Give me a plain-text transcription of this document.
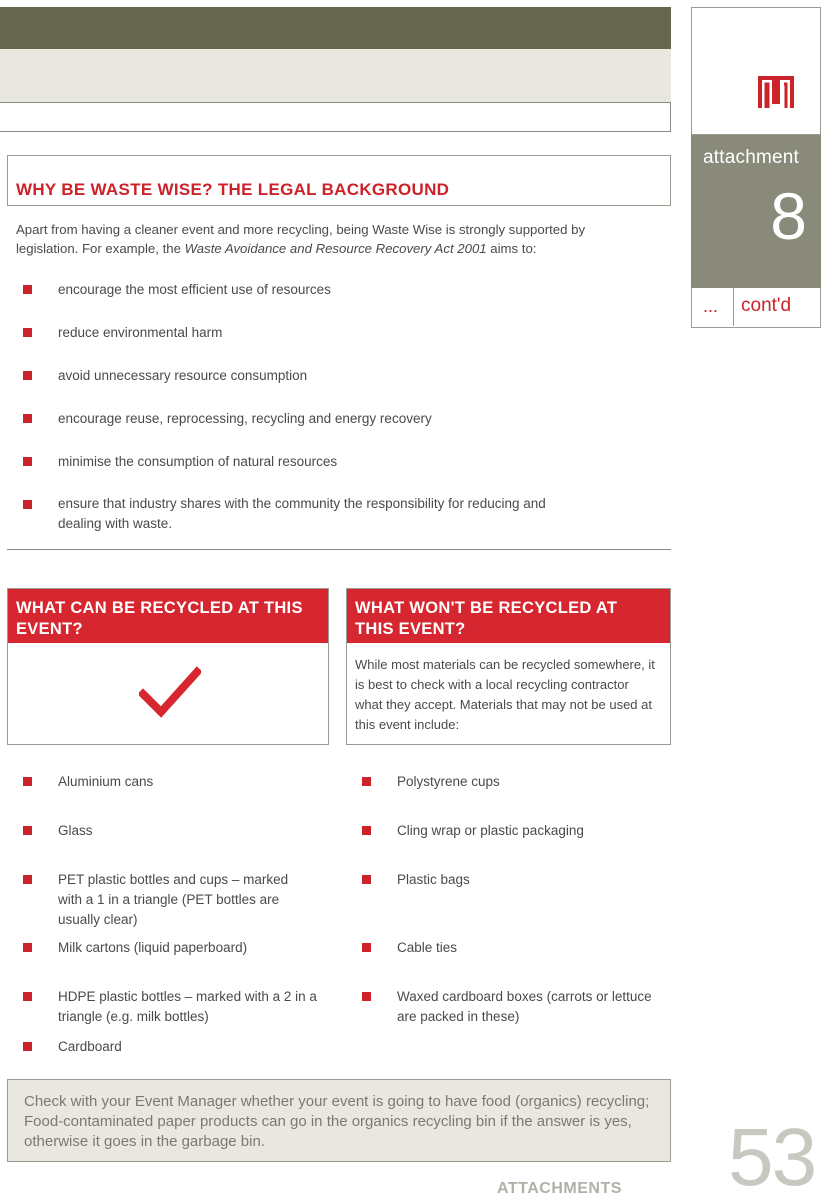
attachment
8
... cont'd
WHY BE WASTE WISE? THE LEGAL BACKGROUND
Apart from having a cleaner event and more recycling, being Waste Wise is strongly supported by legislation. For example, the Waste Avoidance and Resource Recovery Act 2001 aims to:
encourage the most efficient use of resources
reduce environmental harm
avoid unnecessary resource consumption
encourage reuse, reprocessing, recycling and energy recovery
minimise the consumption of natural resources
ensure that industry shares with the community the responsibility for reducing and dealing with waste.
WHAT CAN BE RECYCLED AT THIS EVENT?
WHAT WON'T BE RECYCLED AT THIS EVENT?
While most materials can be recycled somewhere, it is best to check with a local recycling contractor what they accept. Materials that may not be used at this event include:
Aluminium cans
Glass
PET plastic bottles and cups – marked with a 1 in a triangle (PET bottles are usually clear)
Milk cartons (liquid paperboard)
HDPE plastic bottles – marked with a 2 in a triangle (e.g. milk bottles)
Cardboard
Polystyrene cups
Cling wrap or plastic packaging
Plastic bags
Cable ties
Waxed cardboard boxes (carrots or lettuce are packed in these)
Check with your Event Manager whether your event is going to have food (organics) recycling; Food-contaminated paper products can go in the organics recycling bin if the answer is yes, otherwise it goes in the garbage bin.
ATTACHMENTS 53
